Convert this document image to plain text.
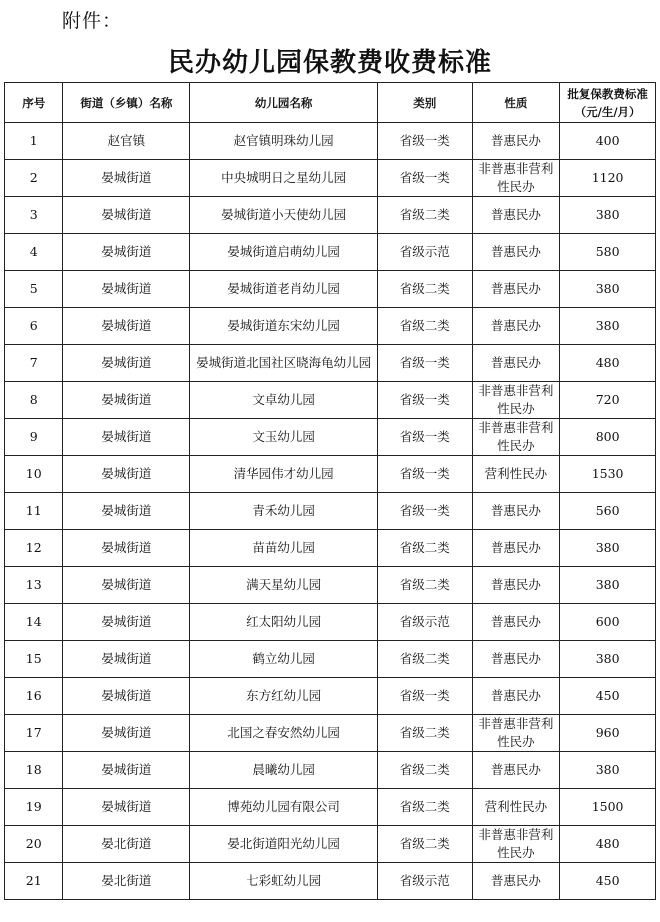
附件：
民办幼儿园保教费收费标准
序号	街道（乡镇）名称	幼儿园名称	类别	性质	批复保教费标准
（元/生/月）

1	赵官镇	赵官镇明珠幼儿园	省级一类	普惠民办	400
2	晏城街道	中央城明日之星幼儿园	省级一类	非普惠非营利性民办	1120
3	晏城街道	晏城街道小天使幼儿园	省级二类	普惠民办	380
4	晏城街道	晏城街道启萌幼儿园	省级示范	普惠民办	580
5	晏城街道	晏城街道老肖幼儿园	省级二类	普惠民办	380
6	晏城街道	晏城街道东宋幼儿园	省级二类	普惠民办	380
7	晏城街道	晏城街道北国社区晓海龟幼儿园	省级一类	普惠民办	480
8	晏城街道	文卓幼儿园	省级一类	非普惠非营利性民办	720
9	晏城街道	文玉幼儿园	省级一类	非普惠非营利性民办	800
10	晏城街道	清华园伟才幼儿园	省级一类	营利性民办	1530
11	晏城街道	青禾幼儿园	省级一类	普惠民办	560
12	晏城街道	苗苗幼儿园	省级二类	普惠民办	380
13	晏城街道	满天星幼儿园	省级二类	普惠民办	380
14	晏城街道	红太阳幼儿园	省级示范	普惠民办	600
15	晏城街道	鹤立幼儿园	省级二类	普惠民办	380
16	晏城街道	东方红幼儿园	省级一类	普惠民办	450
17	晏城街道	北国之春安然幼儿园	省级二类	非普惠非营利性民办	960
18	晏城街道	晨曦幼儿园	省级二类	普惠民办	380
19	晏城街道	博苑幼儿园有限公司	省级二类	营利性民办	1500
20	晏北街道	晏北街道阳光幼儿园	省级二类	非普惠非营利性民办	480
21	晏北街道	七彩虹幼儿园	省级示范	普惠民办	450
